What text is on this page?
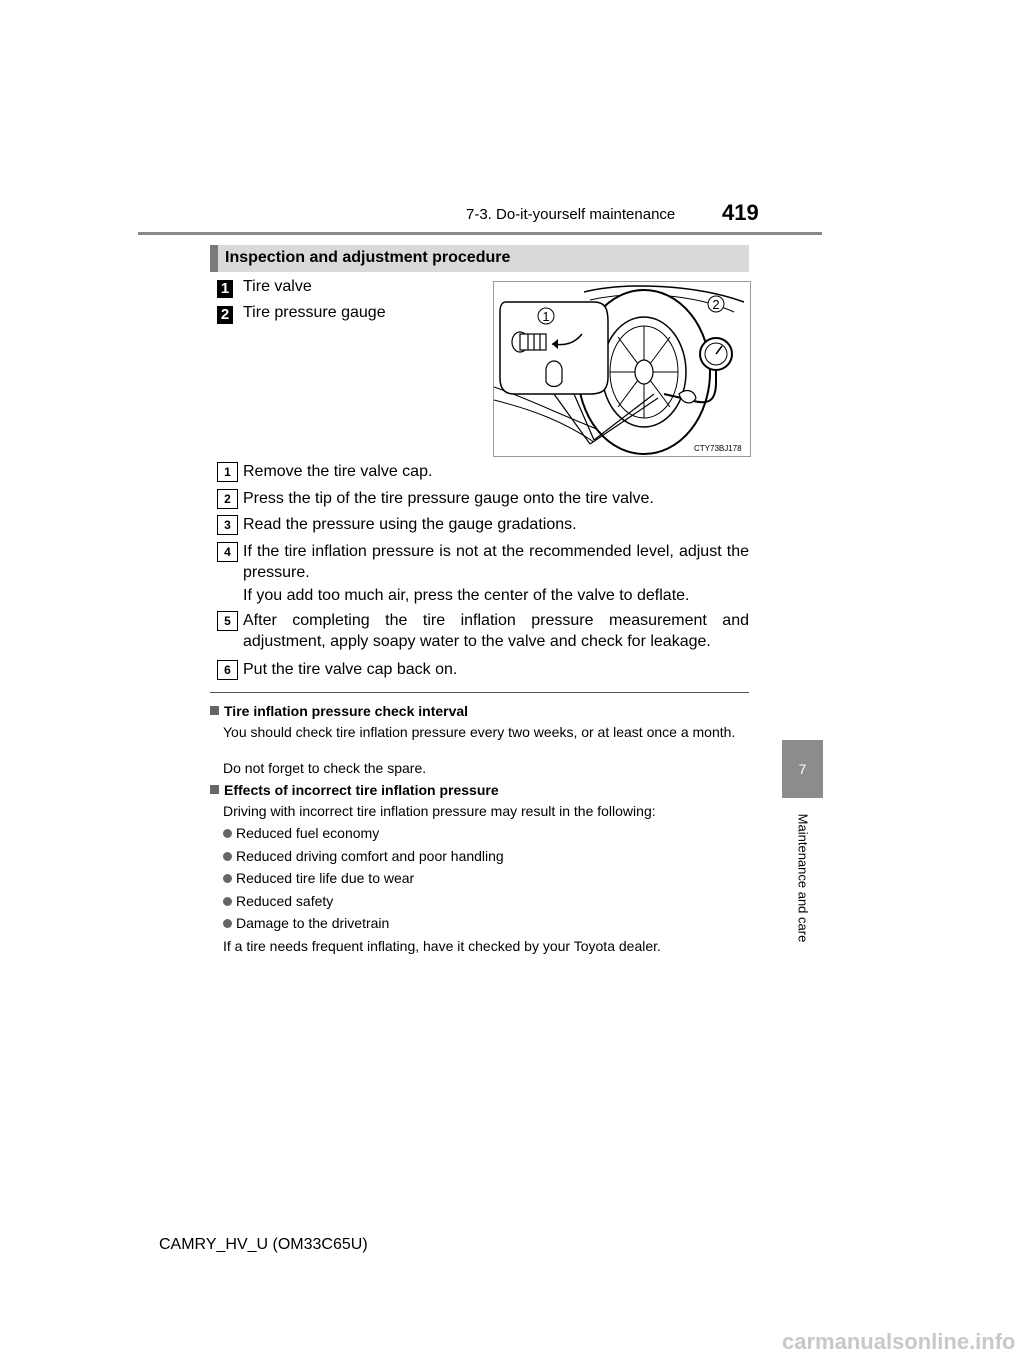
7-3. Do-it-yourself maintenance 419
7
Maintenance and care
Inspection and adjustment procedure
1 Tire valve
2 Tire pressure gauge	1
2
CTY73BJ178
1 Remove the tire valve cap.
2 Press the tip of the tire pressure gauge onto the tire valve.
3 Read the pressure using the gauge gradations.
4 If the tire inflation pressure is not at the recommended level, adjust the pressure.
If you add too much air, press the center of the valve to deflate.
5 After completing the tire inflation pressure measurement and adjustment, apply soapy water to the valve and check for leakage.
6 Put the tire valve cap back on.
Tire inflation pressure check interval
You should check tire inflation pressure every two weeks, or at least once a month.
Do not forget to check the spare.
Effects of incorrect tire inflation pressure
Driving with incorrect tire inflation pressure may result in the following:
Reduced fuel economy
Reduced driving comfort and poor handling
Reduced tire life due to wear
Reduced safety
Damage to the drivetrain
If a tire needs frequent inflating, have it checked by your Toyota dealer.
CAMRY_HV_U (OM33C65U)
carmanualsonline.info
